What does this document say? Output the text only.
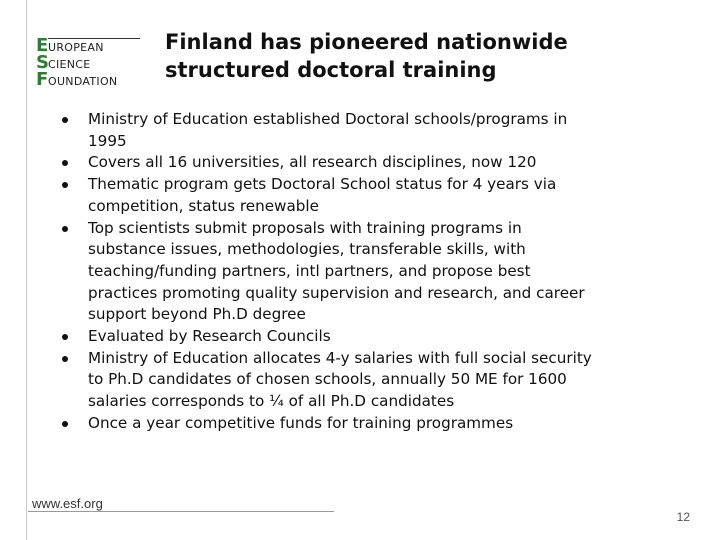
EUROPEAN
SCIENCE
FOUNDATION
Finland has pioneered nationwide
structured doctoral training
Ministry of Education established Doctoral schools/programs in
1995
Covers all 16 universities, all research disciplines, now 120
Thematic program gets Doctoral School status for 4 years via
competition, status renewable
Top scientists submit proposals with training programs in
substance issues, methodologies, transferable skills, with
teaching/funding partners, intl partners, and propose best
practices promoting quality supervision and research, and career
support beyond Ph.D degree
Evaluated by Research Councils
Ministry of Education allocates 4-y salaries with full social security
to Ph.D candidates of chosen schools, annually 50 ME for 1600
salaries corresponds to ¼ of all Ph.D candidates
Once a year competitive funds for training programmes
www.esf.org
12
